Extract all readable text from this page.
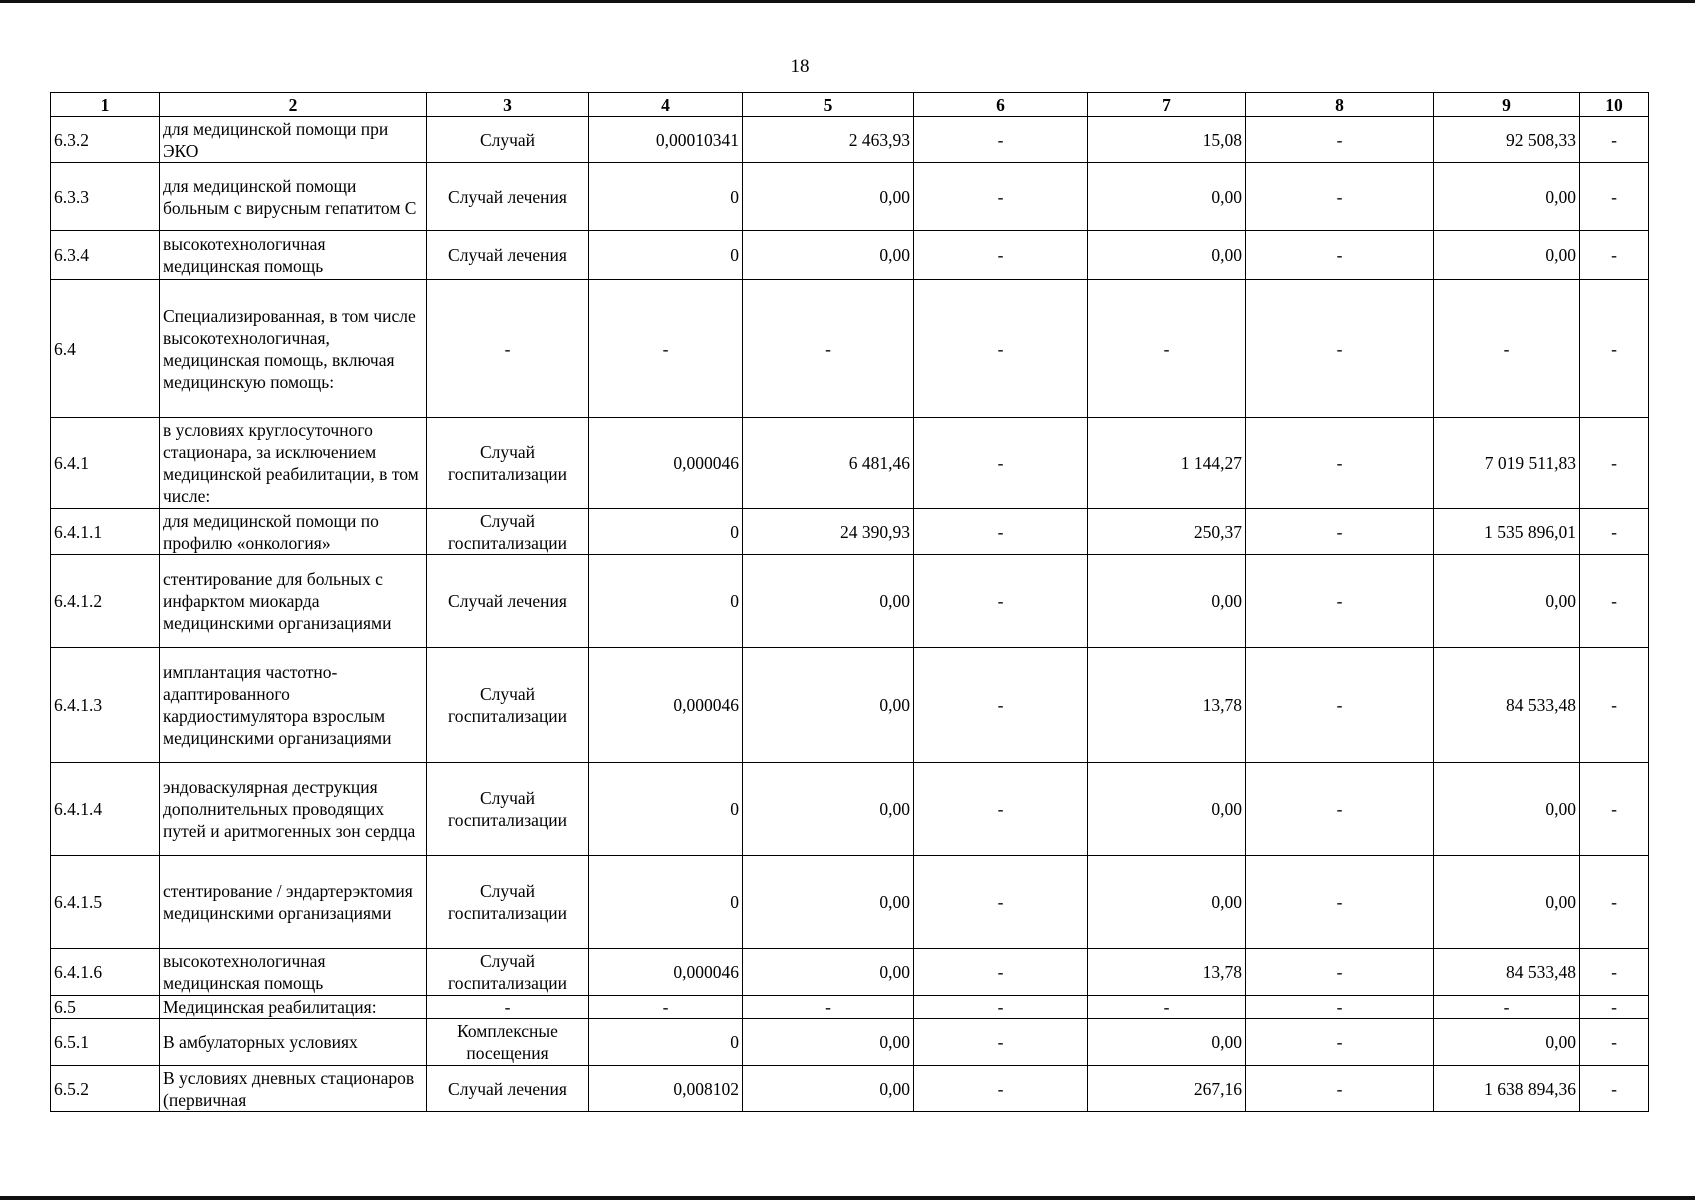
18
1	2	3	4	5	6	7	8	9	10
6.3.2	для медицинской помощи при ЭКО	Случай	0,00010341	2 463,93	-	15,08	-	92 508,33	-
6.3.3	для медицинской помощи больным с вирусным гепатитом С	Случай лечения	0	0,00	-	0,00	-	0,00	-
6.3.4	высокотехнологичная медицинская помощь	Случай лечения	0	0,00	-	0,00	-	0,00	-
6.4	Специализированная, в том числе высокотехнологичная, медицинская помощь, включая медицинскую помощь:	-	-	-	-	-	-	-	-
6.4.1	в условиях круглосуточного стационара, за исключением медицинской реабилитации, в том числе:	Случай госпитализации	0,000046	6 481,46	-	1 144,27	-	7 019 511,83	-
6.4.1.1	для медицинской помощи по профилю «онкология»	Случай госпитализации	0	24 390,93	-	250,37	-	1 535 896,01	-
6.4.1.2	стентирование для больных с инфарктом миокарда медицинскими организациями	Случай лечения	0	0,00	-	0,00	-	0,00	-
6.4.1.3	имплантация частотно-адаптированного кардиостимулятора взрослым медицинскими организациями	Случай госпитализации	0,000046	0,00	-	13,78	-	84 533,48	-
6.4.1.4	эндоваскулярная деструкция дополнительных проводящих путей и аритмогенных зон сердца	Случай госпитализации	0	0,00	-	0,00	-	0,00	-
6.4.1.5	стентирование / эндартерэктомия медицинскими организациями	Случай госпитализации	0	0,00	-	0,00	-	0,00	-
6.4.1.6	высокотехнологичная медицинская помощь	Случай госпитализации	0,000046	0,00	-	13,78	-	84 533,48	-
6.5	Медицинская реабилитация:	-	-	-	-	-	-	-	-
6.5.1	В амбулаторных условиях	Комплексные посещения	0	0,00	-	0,00	-	0,00	-
6.5.2	В условиях дневных стационаров (первичная	Случай лечения	0,008102	0,00	-	267,16	-	1 638 894,36	-
